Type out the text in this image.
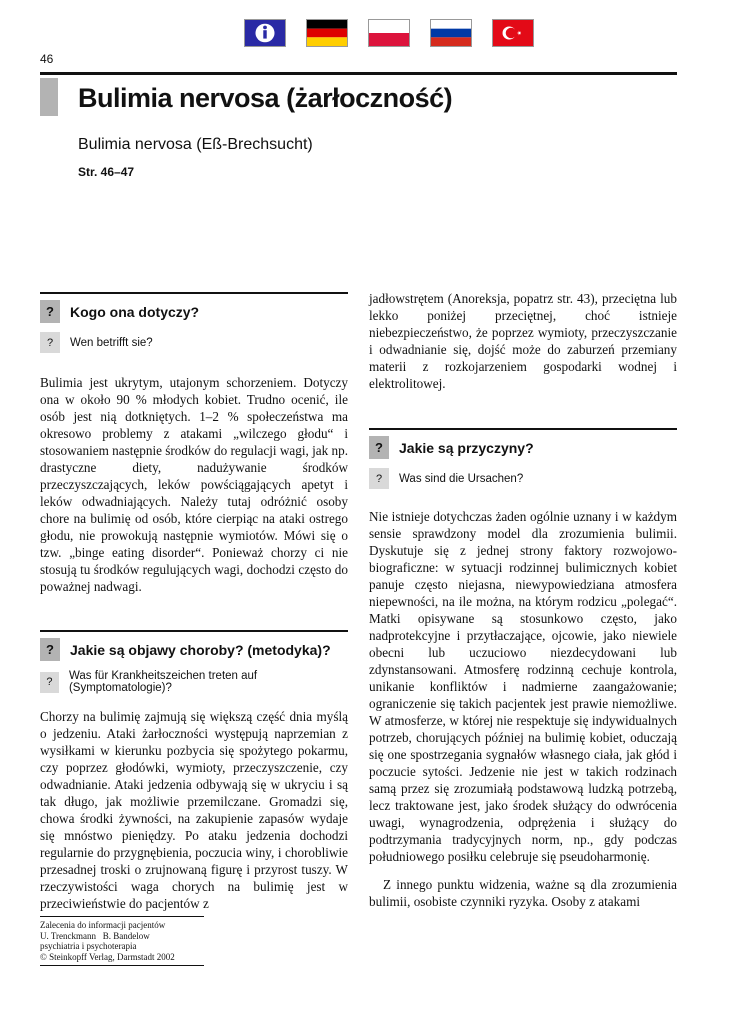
46
Bulimia nervosa (żarłoczność)
Bulimia nervosa (Eß-Brechsucht)
Str. 46–47
?	Kogo ona dotyczy?
?	Wen betrifft sie?

Bulimia jest ukrytym, utajonym schorzeniem. Dotyczy ona w około 90 % młodych kobiet. Trudno ocenić, ile osób jest nią dotkniętych. 1–2 % społeczeństwa ma okresowo problemy z atakami „wilczego głodu“ i stosowaniem następnie środków do regulacji wagi, jak np. drastyczne diety, nadużywanie środków przeczyszczających, leków powściągających apetyt i leków odwadniających. Należy tutaj odróżnić osoby chore na bulimię od osób, które cierpiąc na ataki ostrego głodu, nie prowokują następnie wymiotów. Mówi się o tzw. „binge eating disorder“. Ponieważ chorzy ci nie stosują tu środków regulujących wagi, dochodzi często do poważnej nadwagi.

?	Jakie są objawy choroby? (metodyka)?
?	Was für Krankheitszeichen treten auf (Symptomatologie)?

Chorzy na bulimię zajmują się większą część dnia myślą o jedzeniu. Ataki żarłoczności występują naprzemian z wysiłkami w kierunku pozbycia się spożytego pokarmu, czy poprzez głodówki, wymioty, przeczyszczenie, czy odwadnianie. Ataki jedzenia odbywają się w ukryciu i są tak długo, jak możliwie przemilczane. Gromadzi się, chowa środki żywności, na zakupienie zapasów wydaje się mnóstwo pieniędzy. Po ataku jedzenia dochodzi regularnie do przygnębienia, poczucia winy, i chorobliwie przesadnej troski o zrujnowaną figurę i przyrost tuszy. W rzeczywistości waga chorych na bulimię jest w przeciwieństwie do pacjentów z

jadłowstrętem (Anoreksja, popatrz str. 43), przeciętna lub lekko poniżej przeciętnej, choć istnieje niebezpieczeństwo, że poprzez wymioty, przeczyszczanie i odwadnianie się, dojść może do zaburzeń przemiany materii z rozkojarzeniem gospodarki wodnej i elektrolitowej.

?	Jakie są przyczyny?
?	Was sind die Ursachen?

Nie istnieje dotychczas żaden ogólnie uznany i w każdym sensie sprawdzony model dla zrozumienia bulimii. Dyskutuje się z jednej strony faktory rozwojowo-biograficzne: w sytuacji rodzinnej bulimicznych kobiet panuje często niejasna, niewypowiedziana atmosfera niepewności, na ile można, na którym rodzicu „polegać“. Matki opisywane są stosunkowo często, jako nadprotekcyjne i przytłaczające, ojcowie, jako niewiele obecni lub uczuciowo niezdecydowani lub zdynstansowani. Atmosferę rodzinną cechuje kontrola, unikanie konfliktów i nadmierne zaangażowanie; ograniczenie się takich pacjentek jest prawie niemożliwe. W atmosferze, w której nie respektuje się indywidualnych potrzeb, chorujących później na bulimię kobiet, oduczają się one spostrzegania sygnałów własnego ciała, jak głód i poczucie sytości. Jedzenie nie jest w takich rodzinach samą przez się zrozumiałą podstawową ludzką potrzebą, lecz traktowane jest, jako środek służący do odwrócenia uwagi, wynagrodzenia, odprężenia i służący do podtrzymania tradycyjnych norm, np., gdy podczas południowego posiłku celebruje się pseudoharmonię.

Z innego punktu widzenia, ważne są dla zrozumienia bulimii, osobiste czynniki ryzyka. Osoby z atakami

Zalecenia do informacji pacjentów
U. Trenckmann   B. Bandelow
psychiatria i psychoterapia
© Steinkopff Verlag, Darmstadt 2002
